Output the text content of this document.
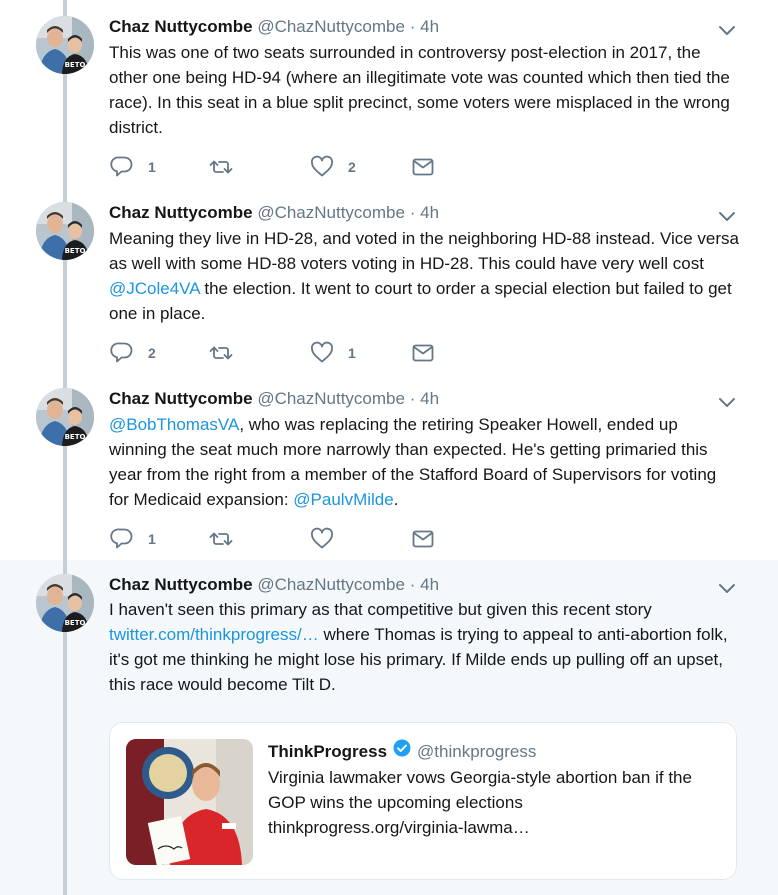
Chaz Nuttycombe @ChazNuttycombe · 4h
This was one of two seats surrounded in controversy post-election in 2017, the other one being HD-94 (where an illegitimate vote was counted which then tied the race). In this seat in a blue split precinct, some voters were misplaced in the wrong district.
1	2
Chaz Nuttycombe @ChazNuttycombe · 4h
Meaning they live in HD-28, and voted in the neighboring HD-88 instead. Vice versa as well with some HD-88 voters voting in HD-28. This could have very well cost @JCole4VA the election. It went to court to order a special election but failed to get one in place.
2	1
Chaz Nuttycombe @ChazNuttycombe · 4h
@BobThomasVA, who was replacing the retiring Speaker Howell, ended up winning the seat much more narrowly than expected. He's getting primaried this year from the right from a member of the Stafford Board of Supervisors for voting for Medicaid expansion: @PaulvMilde.
1
Chaz Nuttycombe @ChazNuttycombe · 4h
I haven't seen this primary as that competitive but given this recent story twitter.com/thinkprogress/… where Thomas is trying to appeal to anti-abortion folk, it's got me thinking he might lose his primary. If Milde ends up pulling off an upset, this race would become Tilt D.
ThinkProgress @thinkprogress
Virginia lawmaker vows Georgia-style abortion ban if the GOP wins the upcoming elections
thinkprogress.org/virginia-lawma…
